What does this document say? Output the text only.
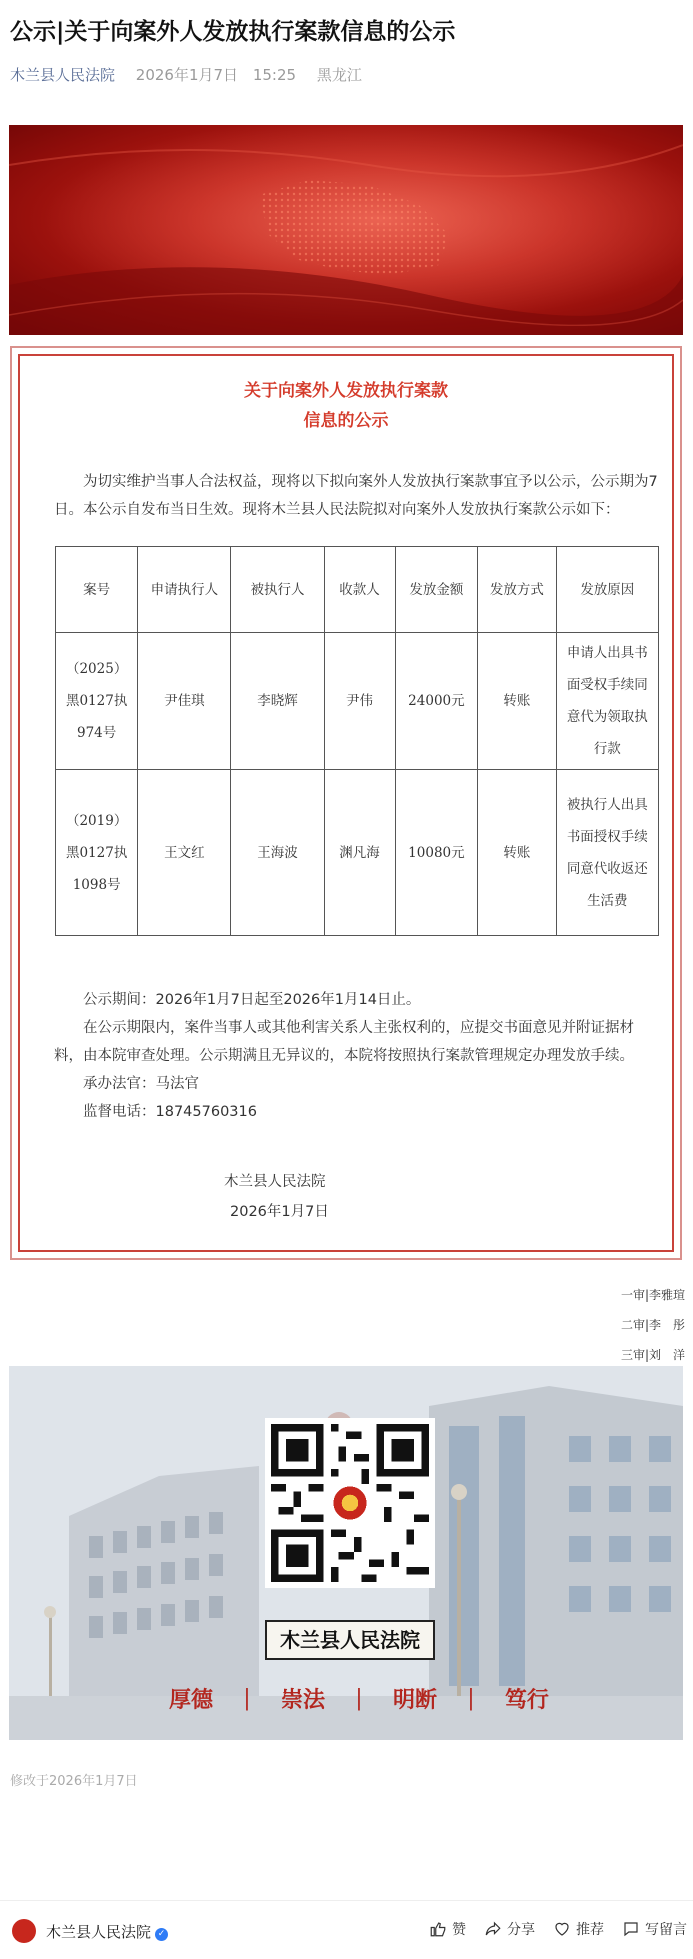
公示|关于向案外人发放执行案款信息的公示
木兰县人民法院 2026年1月7日 15:25 黑龙江
关于向案外人发放执行案款
信息的公示
为切实维护当事人合法权益，现将以下拟向案外人发放执行案款事宜予以公示，公示期为7日。本公示自发布当日生效。现将木兰县人民法院拟对向案外人发放执行案款公示如下：
案号	申请执行人	被执行人	收款人	发放金额	发放方式	发放原因
（2025）黑0127执974号	尹佳琪	李晓辉	尹伟	24000元	转账	申请人出具书面受权手续同意代为领取执行款
（2019）黑0127执1098号	王文红	王海波	渊凡海	10080元	转账	被执行人出具书面授权手续同意代收返还生活费
公示期间：2026年1月7日起至2026年1月14日止。
在公示期限内，案件当事人或其他利害关系人主张权利的，应提交书面意见并附证据材料，由本院审查处理。公示期满且无异议的，本院将按照执行案款管理规定办理发放手续。
承办法官：马法官
监督电话：18745760316
木兰县人民法院
2026年1月7日
一审|李雅瑄
二审|李　彤
三审|刘　洋
木兰县人民法院
厚德 | 崇法 | 明断 | 笃行
修改于2026年1月7日
木兰县人民法院 ✓	赞	分享	推荐	写留言
